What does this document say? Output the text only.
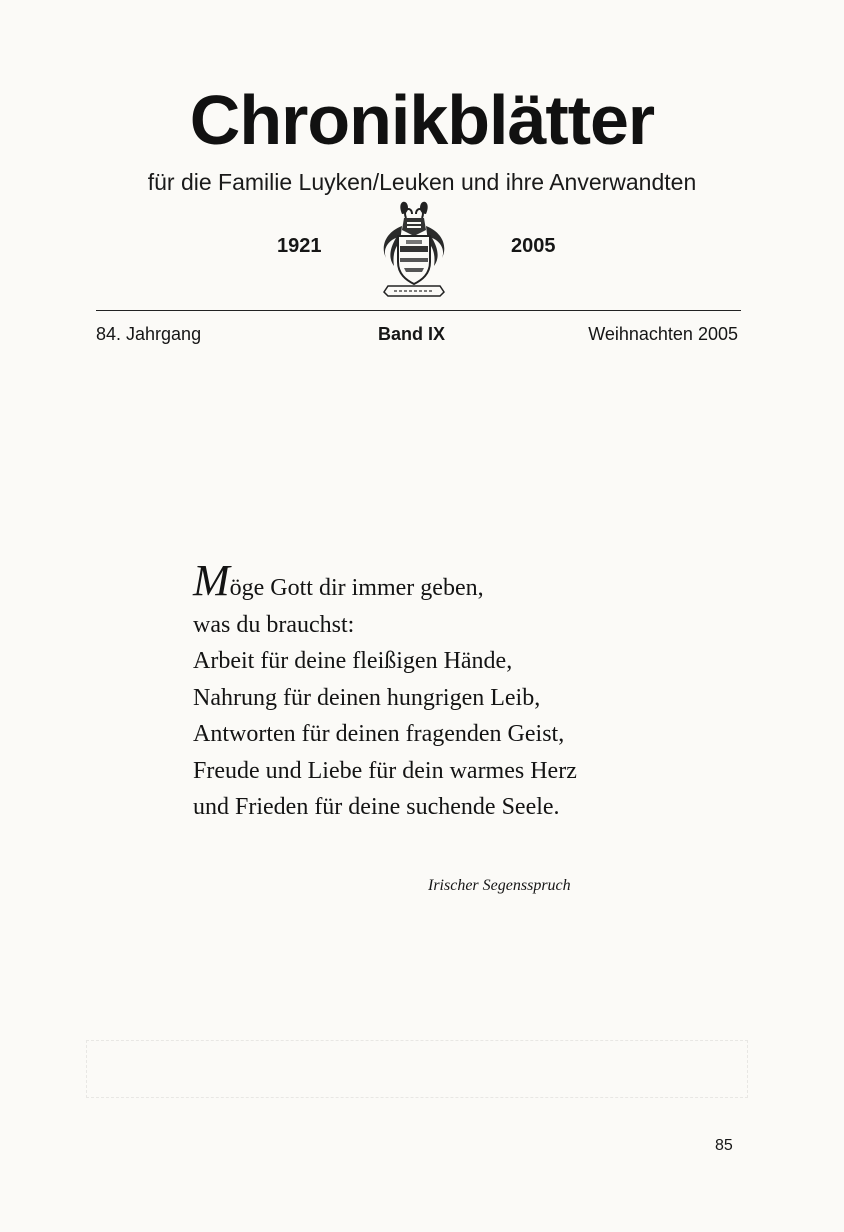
Chronikblätter
für die Familie Luyken/Leuken und ihre Anverwandten
1921	2005
84. Jahrgang	Band IX	Weihnachten 2005
Möge Gott dir immer geben,
was du brauchst:
Arbeit für deine fleißigen Hände,
Nahrung für deinen hungrigen Leib,
Antworten für deinen fragenden Geist,
Freude und Liebe für dein warmes Herz
und Frieden für deine suchende Seele.
Irischer Segensspruch
85
